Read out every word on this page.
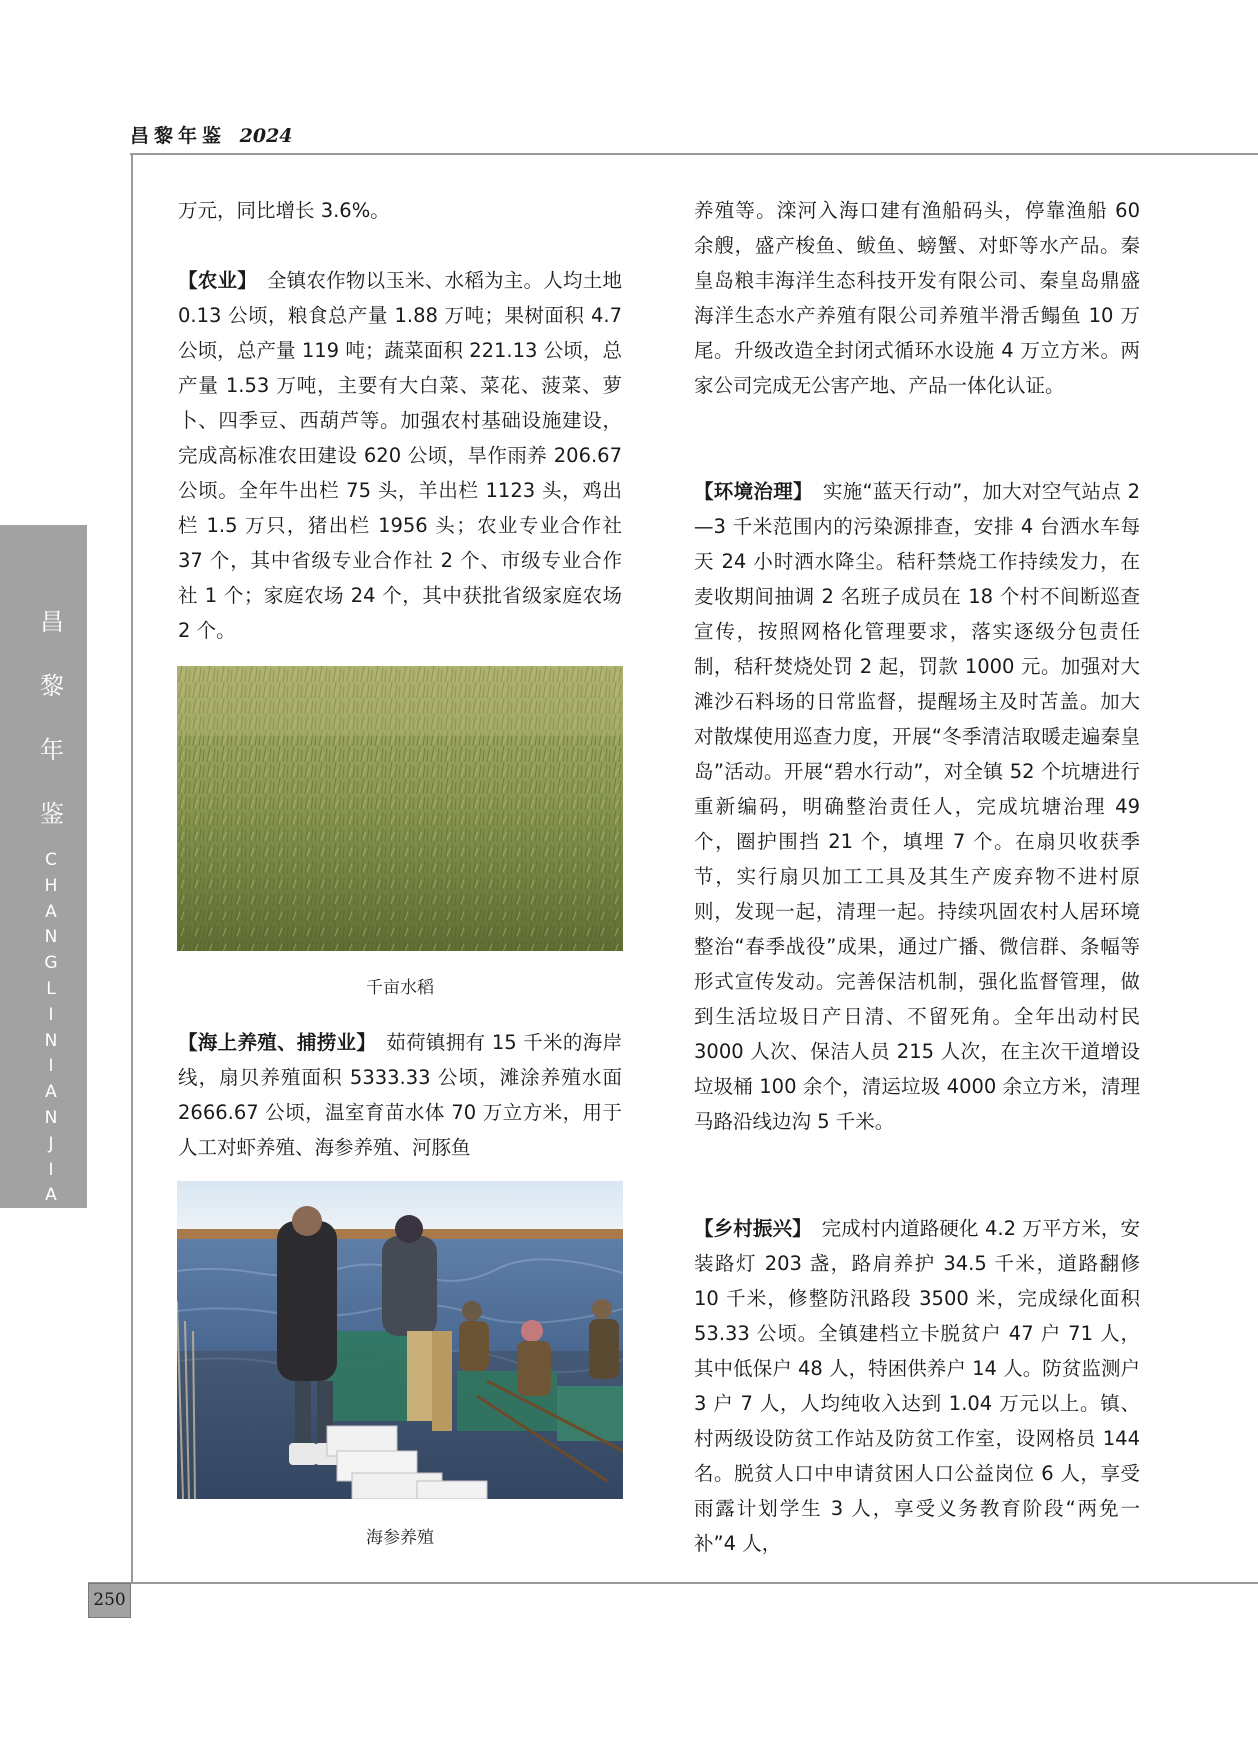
昌黎年鉴 2024
昌
黎
年
鉴
C
H
A
N
G
L
I
N
I
A
N
J
I
A
N
250

万元，同比增长 3.6%。

【农业】　全镇农作物以玉米、水稻为主。人均土地 0.13 公顷，粮食总产量 1.88 万吨；果树面积 4.7 公顷，总产量 119 吨；蔬菜面积 221.13 公顷，总产量 1.53 万吨，主要有大白菜、菜花、菠菜、萝卜、四季豆、西葫芦等。加强农村基础设施建设，完成高标准农田建设 620 公顷，旱作雨养 206.67 公顷。全年牛出栏 75 头，羊出栏 1123 头，鸡出栏 1.5 万只，猪出栏 1956 头；农业专业合作社 37 个，其中省级专业合作社 2 个、市级专业合作社 1 个；家庭农场 24 个，其中获批省级家庭农场 2 个。

千亩水稻

【海上养殖、捕捞业】　茹荷镇拥有 15 千米的海岸线，扇贝养殖面积 5333.33 公顷，滩涂养殖水面 2666.67 公顷，温室育苗水体 70 万立方米，用于人工对虾养殖、海参养殖、河豚鱼

海参养殖

养殖等。滦河入海口建有渔船码头，停靠渔船 60 余艘，盛产梭鱼、鲅鱼、螃蟹、对虾等水产品。秦皇岛粮丰海洋生态科技开发有限公司、秦皇岛鼎盛海洋生态水产养殖有限公司养殖半滑舌鳎鱼 10 万尾。升级改造全封闭式循环水设施 4 万立方米。两家公司完成无公害产地、产品一体化认证。

【环境治理】　实施“蓝天行动”，加大对空气站点 2—3 千米范围内的污染源排查，安排 4 台洒水车每天 24 小时洒水降尘。秸秆禁烧工作持续发力，在麦收期间抽调 2 名班子成员在 18 个村不间断巡查宣传，按照网格化管理要求，落实逐级分包责任制，秸秆焚烧处罚 2 起，罚款 1000 元。加强对大滩沙石料场的日常监督，提醒场主及时苫盖。加大对散煤使用巡查力度，开展“冬季清洁取暖走遍秦皇岛”活动。开展“碧水行动”，对全镇 52 个坑塘进行重新编码，明确整治责任人，完成坑塘治理 49 个，圈护围挡 21 个，填埋 7 个。在扇贝收获季节，实行扇贝加工工具及其生产废弃物不进村原则，发现一起，清理一起。持续巩固农村人居环境整治“春季战役”成果，通过广播、微信群、条幅等形式宣传发动。完善保洁机制，强化监督管理，做到生活垃圾日产日清、不留死角。全年出动村民 3000 人次、保洁人员 215 人次，在主次干道增设垃圾桶 100 余个，清运垃圾 4000 余立方米，清理马路沿线边沟 5 千米。

【乡村振兴】　完成村内道路硬化 4.2 万平方米，安装路灯 203 盏，路肩养护 34.5 千米，道路翻修 10 千米，修整防汛路段 3500 米，完成绿化面积 53.33 公顷。全镇建档立卡脱贫户 47 户 71 人，其中低保户 48 人，特困供养户 14 人。防贫监测户 3 户 7 人，人均纯收入达到 1.04 万元以上。镇、村两级设防贫工作站及防贫工作室，设网格员 144 名。脱贫人口中申请贫困人口公益岗位 6 人，享受雨露计划学生 3 人，享受义务教育阶段“两免一补”4 人，
